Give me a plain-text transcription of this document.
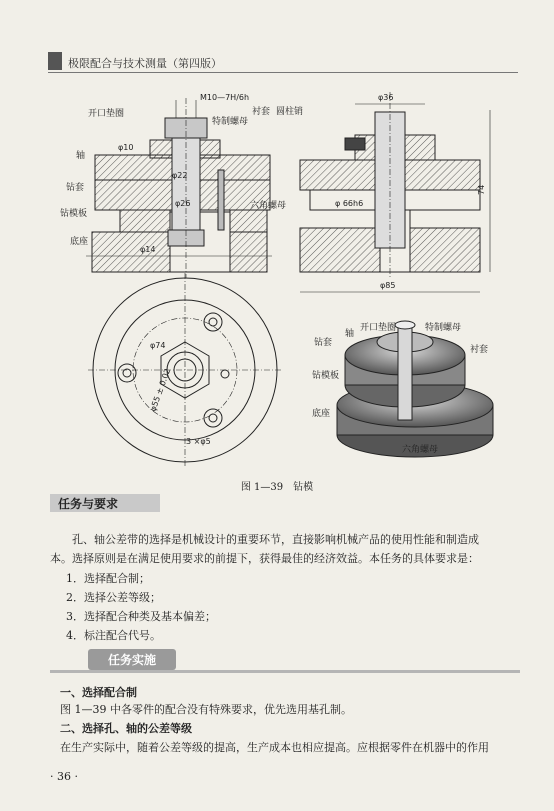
极限配合与技术测量（第四版）
M10—7H/6h
开口垫圈
特制螺母
衬套 圆柱销
轴
φ10
φ22
钻套
φ26	六角螺母
钻模板
底座
φ14
φ36
φ 66h6
φ85
74
φ74
φ55 ± 0.02
3 ×φ5
开口垫圈	特制螺母
钻套
轴
衬套
钻模板
底座
六角螺母
图 1—39　钻模
任务与要求
孔、轴公差带的选择是机械设计的重要环节，直接影响机械产品的使用性能和制造成
本。选择原则是在满足使用要求的前提下，获得最佳的经济效益。本任务的具体要求是：
1．选择配合制；
2．选择公差等级；
3．选择配合种类及基本偏差；
4．标注配合代号。
任务实施
一、选择配合制
图 1—39 中各零件的配合没有特殊要求，优先选用基孔制。
二、选择孔、轴的公差等级
在生产实际中，随着公差等级的提高，生产成本也相应提高。应根据零件在机器中的作用
· 36 ·
